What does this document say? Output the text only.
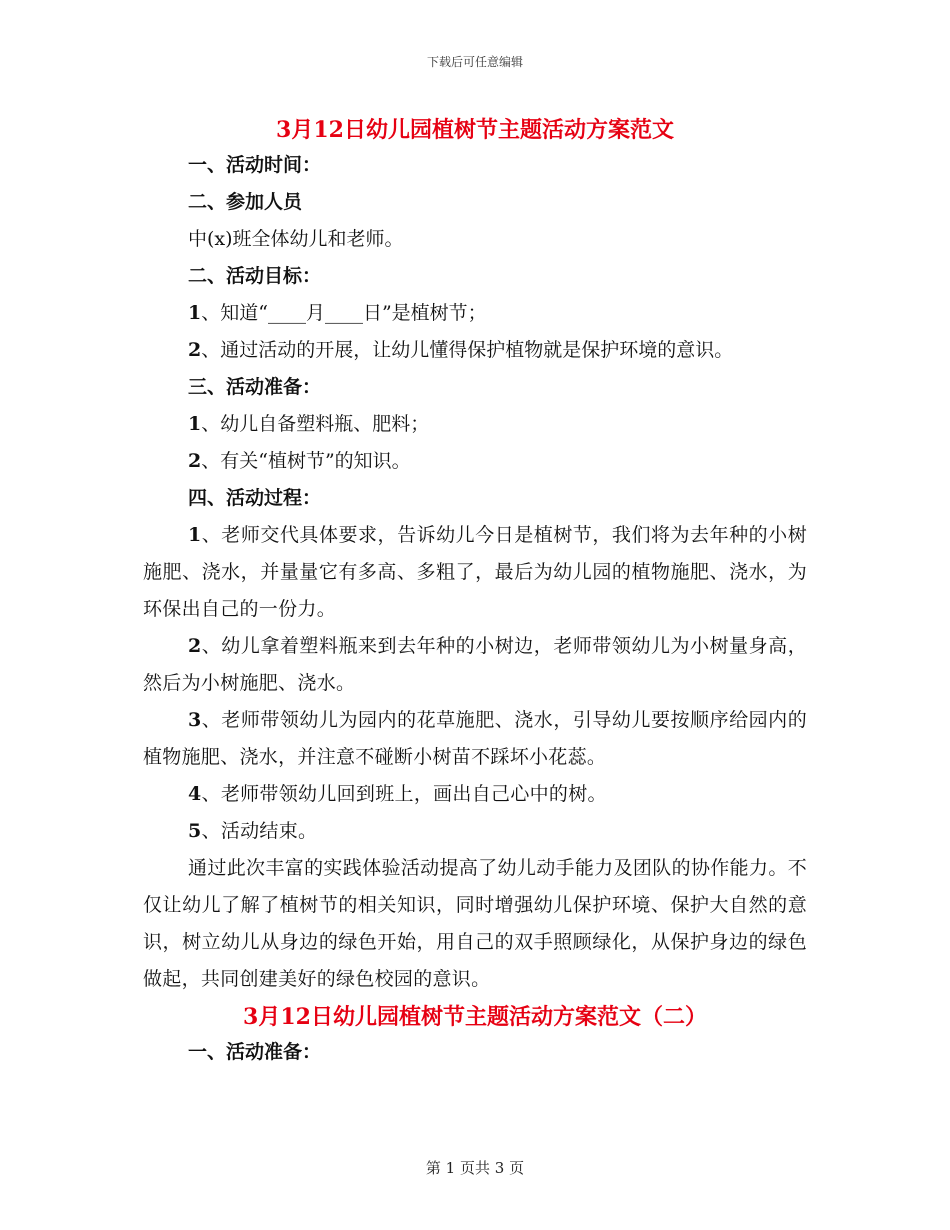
下载后可任意编辑
3月12日幼儿园植树节主题活动方案范文

一、活动时间：

二、参加人员

中(x)班全体幼儿和老师。

二、活动目标：

1、知道“____月____日”是植树节；

2、通过活动的开展，让幼儿懂得保护植物就是保护环境的意识。

三、活动准备：

1、幼儿自备塑料瓶、肥料；

2、有关“植树节”的知识。

四、活动过程：

1、老师交代具体要求，告诉幼儿今日是植树节，我们将为去年种的小树施肥、浇水，并量量它有多高、多粗了，最后为幼儿园的植物施肥、浇水，为环保出自己的一份力。

2、幼儿拿着塑料瓶来到去年种的小树边，老师带领幼儿为小树量身高，然后为小树施肥、浇水。

3、老师带领幼儿为园内的花草施肥、浇水，引导幼儿要按顺序给园内的植物施肥、浇水，并注意不碰断小树苗不踩坏小花蕊。

4、老师带领幼儿回到班上，画出自己心中的树。

5、活动结束。

通过此次丰富的实践体验活动提高了幼儿动手能力及团队的协作能力。不仅让幼儿了解了植树节的相关知识，同时增强幼儿保护环境、保护大自然的意识，树立幼儿从身边的绿色开始，用自己的双手照顾绿化，从保护身边的绿色做起，共同创建美好的绿色校园的意识。

3月12日幼儿园植树节主题活动方案范文（二）

一、活动准备：

第 1 页共 3 页
